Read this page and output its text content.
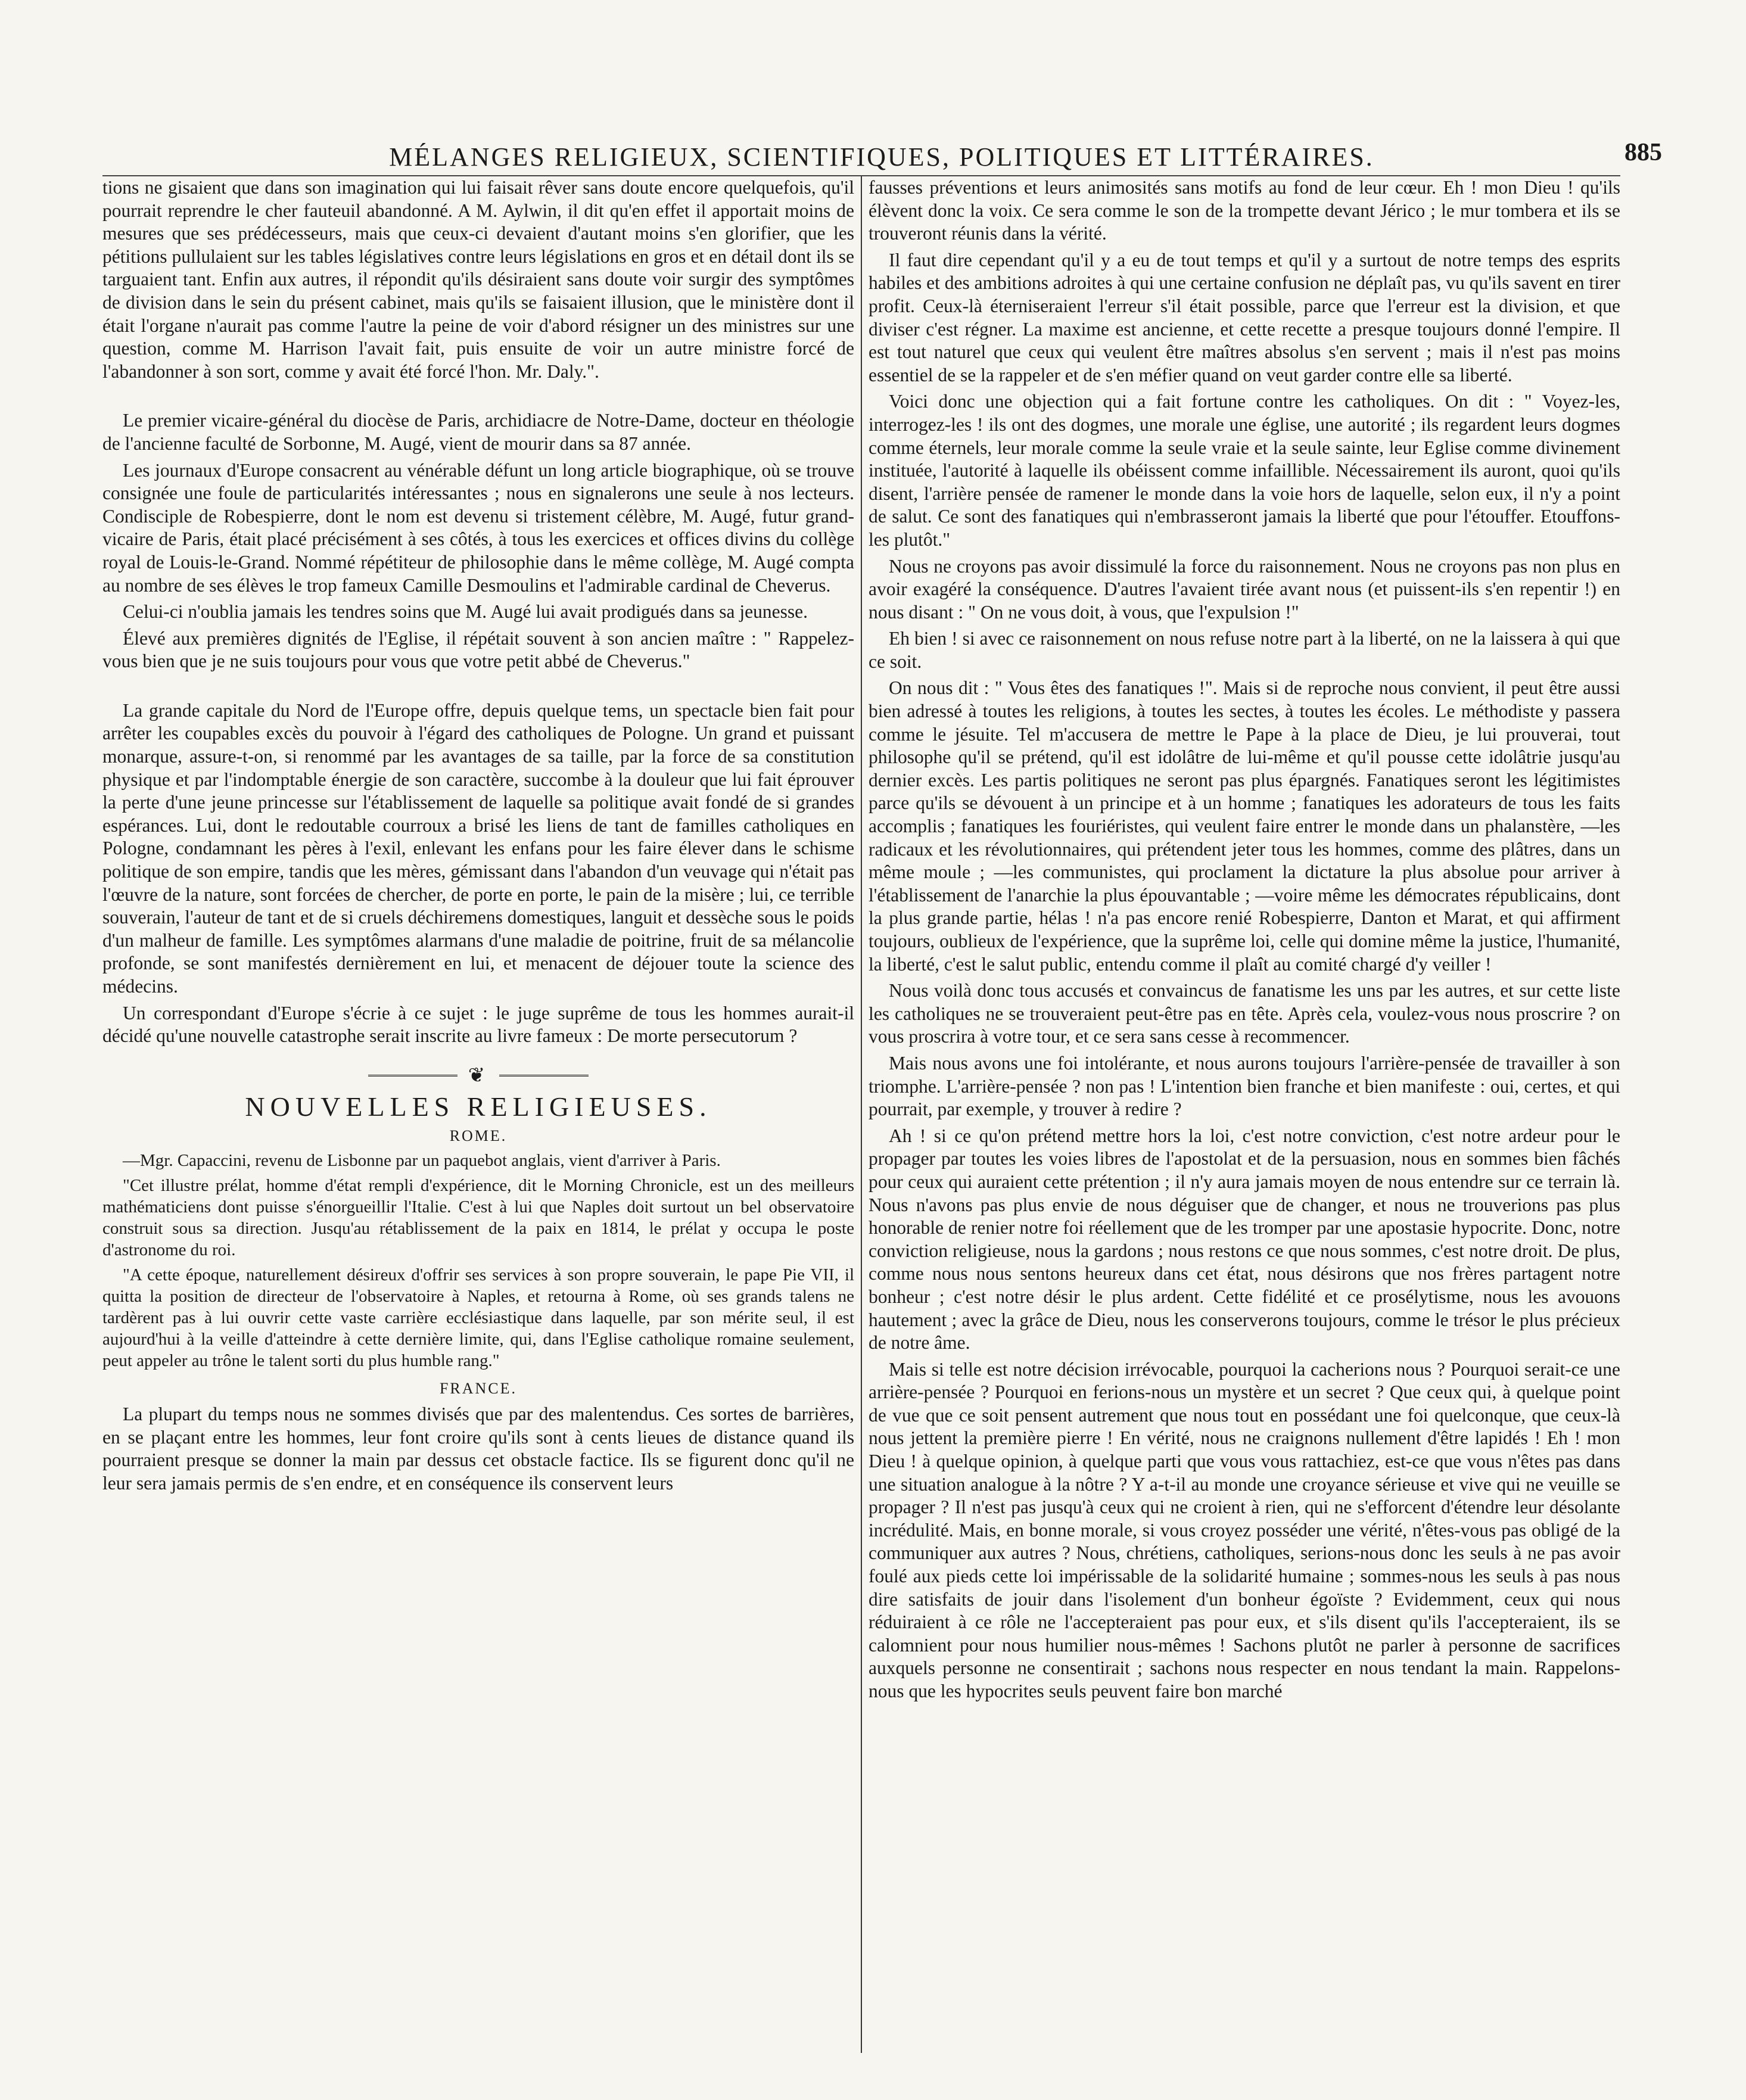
MÉLANGES RELIGIEUX, SCIENTIFIQUES, POLITIQUES ET LITTÉRAIRES.	885

tions ne gisaient que dans son imagination qui lui faisait rêver sans doute encore quelquefois, qu'il pourrait reprendre le cher fauteuil abandonné. A M. Aylwin, il dit qu'en effet il apportait moins de mesures que ses prédécesseurs, mais que ceux-ci devaient d'autant moins s'en glorifier, que les pétitions pullulaient sur les tables législatives contre leurs législations en gros et en détail dont ils se targuaient tant. Enfin aux autres, il répondit qu'ils désiraient sans doute voir surgir des symptômes de division dans le sein du présent cabinet, mais qu'ils se faisaient illusion, que le ministère dont il était l'organe n'aurait pas comme l'autre la peine de voir d'abord résigner un des ministres sur une question, comme M. Harrison l'avait fait, puis ensuite de voir un autre ministre forcé de l'abandonner à son sort, comme y avait été forcé l'hon. Mr. Daly.".

Le premier vicaire-général du diocèse de Paris, archidiacre de Notre-Dame, docteur en théologie de l'ancienne faculté de Sorbonne, M. Augé, vient de mourir dans sa 87 année.

Les journaux d'Europe consacrent au vénérable défunt un long article biographique, où se trouve consignée une foule de particularités intéressantes ; nous en signalerons une seule à nos lecteurs. Condisciple de Robespierre, dont le nom est devenu si tristement célèbre, M. Augé, futur grand-vicaire de Paris, était placé précisément à ses côtés, à tous les exercices et offices divins du collège royal de Louis-le-Grand. Nommé répétiteur de philosophie dans le même collège, M. Augé compta au nombre de ses élèves le trop fameux Camille Desmoulins et l'admirable cardinal de Cheverus.

Celui-ci n'oublia jamais les tendres soins que M. Augé lui avait prodigués dans sa jeunesse.

Élevé aux premières dignités de l'Eglise, il répétait souvent à son ancien maître : " Rappelez-vous bien que je ne suis toujours pour vous que votre petit abbé de Cheverus."

La grande capitale du Nord de l'Europe offre, depuis quelque tems, un spectacle bien fait pour arrêter les coupables excès du pouvoir à l'égard des catholiques de Pologne. Un grand et puissant monarque, assure-t-on, si renommé par les avantages de sa taille, par la force de sa constitution physique et par l'indomptable énergie de son caractère, succombe à la douleur que lui fait éprouver la perte d'une jeune princesse sur l'établissement de laquelle sa politique avait fondé de si grandes espérances. Lui, dont le redoutable courroux a brisé les liens de tant de familles catholiques en Pologne, condamnant les pères à l'exil, enlevant les enfans pour les faire élever dans le schisme politique de son empire, tandis que les mères, gémissant dans l'abandon d'un veuvage qui n'était pas l'œuvre de la nature, sont forcées de chercher, de porte en porte, le pain de la misère ; lui, ce terrible souverain, l'auteur de tant et de si cruels déchiremens domestiques, languit et dessèche sous le poids d'un malheur de famille. Les symptômes alarmans d'une maladie de poitrine, fruit de sa mélancolie profonde, se sont manifestés dernièrement en lui, et menacent de déjouer toute la science des médecins.

Un correspondant d'Europe s'écrie à ce sujet : le juge suprême de tous les hommes aurait-il décidé qu'une nouvelle catastrophe serait inscrite au livre fameux : De morte persecutorum ?

❦
NOUVELLES RELIGIEUSES.
ROME.

—Mgr. Capaccini, revenu de Lisbonne par un paquebot anglais, vient d'arriver à Paris.

"Cet illustre prélat, homme d'état rempli d'expérience, dit le Morning Chronicle, est un des meilleurs mathématiciens dont puisse s'énorgueillir l'Italie. C'est à lui que Naples doit surtout un bel observatoire construit sous sa direction. Jusqu'au rétablissement de la paix en 1814, le prélat y occupa le poste d'astronome du roi.

"A cette époque, naturellement désireux d'offrir ses services à son propre souverain, le pape Pie VII, il quitta la position de directeur de l'observatoire à Naples, et retourna à Rome, où ses grands talens ne tardèrent pas à lui ouvrir cette vaste carrière ecclésiastique dans laquelle, par son mérite seul, il est aujourd'hui à la veille d'atteindre à cette dernière limite, qui, dans l'Eglise catholique romaine seulement, peut appeler au trône le talent sorti du plus humble rang."

FRANCE.

La plupart du temps nous ne sommes divisés que par des malentendus. Ces sortes de barrières, en se plaçant entre les hommes, leur font croire qu'ils sont à cents lieues de distance quand ils pourraient presque se donner la main par dessus cet obstacle factice. Ils se figurent donc qu'il ne leur sera jamais permis de s'en endre, et en conséquence ils conservent leurs

fausses préventions et leurs animosités sans motifs au fond de leur cœur. Eh ! mon Dieu ! qu'ils élèvent donc la voix. Ce sera comme le son de la trompette devant Jérico ; le mur tombera et ils se trouveront réunis dans la vérité.

Il faut dire cependant qu'il y a eu de tout temps et qu'il y a surtout de notre temps des esprits habiles et des ambitions adroites à qui une certaine confusion ne déplaît pas, vu qu'ils savent en tirer profit. Ceux-là éterniseraient l'erreur s'il était possible, parce que l'erreur est la division, et que diviser c'est régner. La maxime est ancienne, et cette recette a presque toujours donné l'empire. Il est tout naturel que ceux qui veulent être maîtres absolus s'en servent ; mais il n'est pas moins essentiel de se la rappeler et de s'en méfier quand on veut garder contre elle sa liberté.

Voici donc une objection qui a fait fortune contre les catholiques. On dit : " Voyez-les, interrogez-les ! ils ont des dogmes, une morale une église, une autorité ; ils regardent leurs dogmes comme éternels, leur morale comme la seule vraie et la seule sainte, leur Eglise comme divinement instituée, l'autorité à laquelle ils obéissent comme infaillible. Nécessairement ils auront, quoi qu'ils disent, l'arrière pensée de ramener le monde dans la voie hors de laquelle, selon eux, il n'y a point de salut. Ce sont des fanatiques qui n'embrasseront jamais la liberté que pour l'étouffer. Etouffons-les plutôt."

Nous ne croyons pas avoir dissimulé la force du raisonnement. Nous ne croyons pas non plus en avoir exagéré la conséquence. D'autres l'avaient tirée avant nous (et puissent-ils s'en repentir !) en nous disant : " On ne vous doit, à vous, que l'expulsion !"

Eh bien ! si avec ce raisonnement on nous refuse notre part à la liberté, on ne la laissera à qui que ce soit.

On nous dit : " Vous êtes des fanatiques !". Mais si de reproche nous convient, il peut être aussi bien adressé à toutes les religions, à toutes les sectes, à toutes les écoles. Le méthodiste y passera comme le jésuite. Tel m'accusera de mettre le Pape à la place de Dieu, je lui prouverai, tout philosophe qu'il se prétend, qu'il est idolâtre de lui-même et qu'il pousse cette idolâtrie jusqu'au dernier excès. Les partis politiques ne seront pas plus épargnés. Fanatiques seront les légitimistes parce qu'ils se dévouent à un principe et à un homme ; fanatiques les adorateurs de tous les faits accomplis ; fanatiques les fouriéristes, qui veulent faire entrer le monde dans un phalanstère, —les radicaux et les révolutionnaires, qui prétendent jeter tous les hommes, comme des plâtres, dans un même moule ; —les communistes, qui proclament la dictature la plus absolue pour arriver à l'établissement de l'anarchie la plus épouvantable ; —voire même les démocrates républicains, dont la plus grande partie, hélas ! n'a pas encore renié Robespierre, Danton et Marat, et qui affirment toujours, oublieux de l'expérience, que la suprême loi, celle qui domine même la justice, l'humanité, la liberté, c'est le salut public, entendu comme il plaît au comité chargé d'y veiller !

Nous voilà donc tous accusés et convaincus de fanatisme les uns par les autres, et sur cette liste les catholiques ne se trouveraient peut-être pas en tête. Après cela, voulez-vous nous proscrire ? on vous proscrira à votre tour, et ce sera sans cesse à recommencer.

Mais nous avons une foi intolérante, et nous aurons toujours l'arrière-pensée de travailler à son triomphe. L'arrière-pensée ? non pas ! L'intention bien franche et bien manifeste : oui, certes, et qui pourrait, par exemple, y trouver à redire ?

Ah ! si ce qu'on prétend mettre hors la loi, c'est notre conviction, c'est notre ardeur pour le propager par toutes les voies libres de l'apostolat et de la persuasion, nous en sommes bien fâchés pour ceux qui auraient cette prétention ; il n'y aura jamais moyen de nous entendre sur ce terrain là. Nous n'avons pas plus envie de nous déguiser que de changer, et nous ne trouverions pas plus honorable de renier notre foi réellement que de les tromper par une apostasie hypocrite. Donc, notre conviction religieuse, nous la gardons ; nous restons ce que nous sommes, c'est notre droit. De plus, comme nous nous sentons heureux dans cet état, nous désirons que nos frères partagent notre bonheur ; c'est notre désir le plus ardent. Cette fidélité et ce prosélytisme, nous les avouons hautement ; avec la grâce de Dieu, nous les conserverons toujours, comme le trésor le plus précieux de notre âme.

Mais si telle est notre décision irrévocable, pourquoi la cacherions nous ? Pourquoi serait-ce une arrière-pensée ? Pourquoi en ferions-nous un mystère et un secret ? Que ceux qui, à quelque point de vue que ce soit pensent autrement que nous tout en possédant une foi quelconque, que ceux-là nous jettent la première pierre ! En vérité, nous ne craignons nullement d'être lapidés ! Eh ! mon Dieu ! à quelque opinion, à quelque parti que vous vous rattachiez, est-ce que vous n'êtes pas dans une situation analogue à la nôtre ? Y a-t-il au monde une croyance sérieuse et vive qui ne veuille se propager ? Il n'est pas jusqu'à ceux qui ne croient à rien, qui ne s'efforcent d'étendre leur désolante incrédulité. Mais, en bonne morale, si vous croyez posséder une vérité, n'êtes-vous pas obligé de la communiquer aux autres ? Nous, chrétiens, catholiques, serions-nous donc les seuls à ne pas avoir foulé aux pieds cette loi impérissable de la solidarité humaine ; sommes-nous les seuls à pas nous dire satisfaits de jouir dans l'isolement d'un bonheur égoïste ? Evidemment, ceux qui nous réduiraient à ce rôle ne l'accepteraient pas pour eux, et s'ils disent qu'ils l'accepteraient, ils se calomnient pour nous humilier nous-mêmes ! Sachons plutôt ne parler à personne de sacrifices auxquels personne ne consentirait ; sachons nous respecter en nous tendant la main. Rappelons-nous que les hypocrites seuls peuvent faire bon marché
